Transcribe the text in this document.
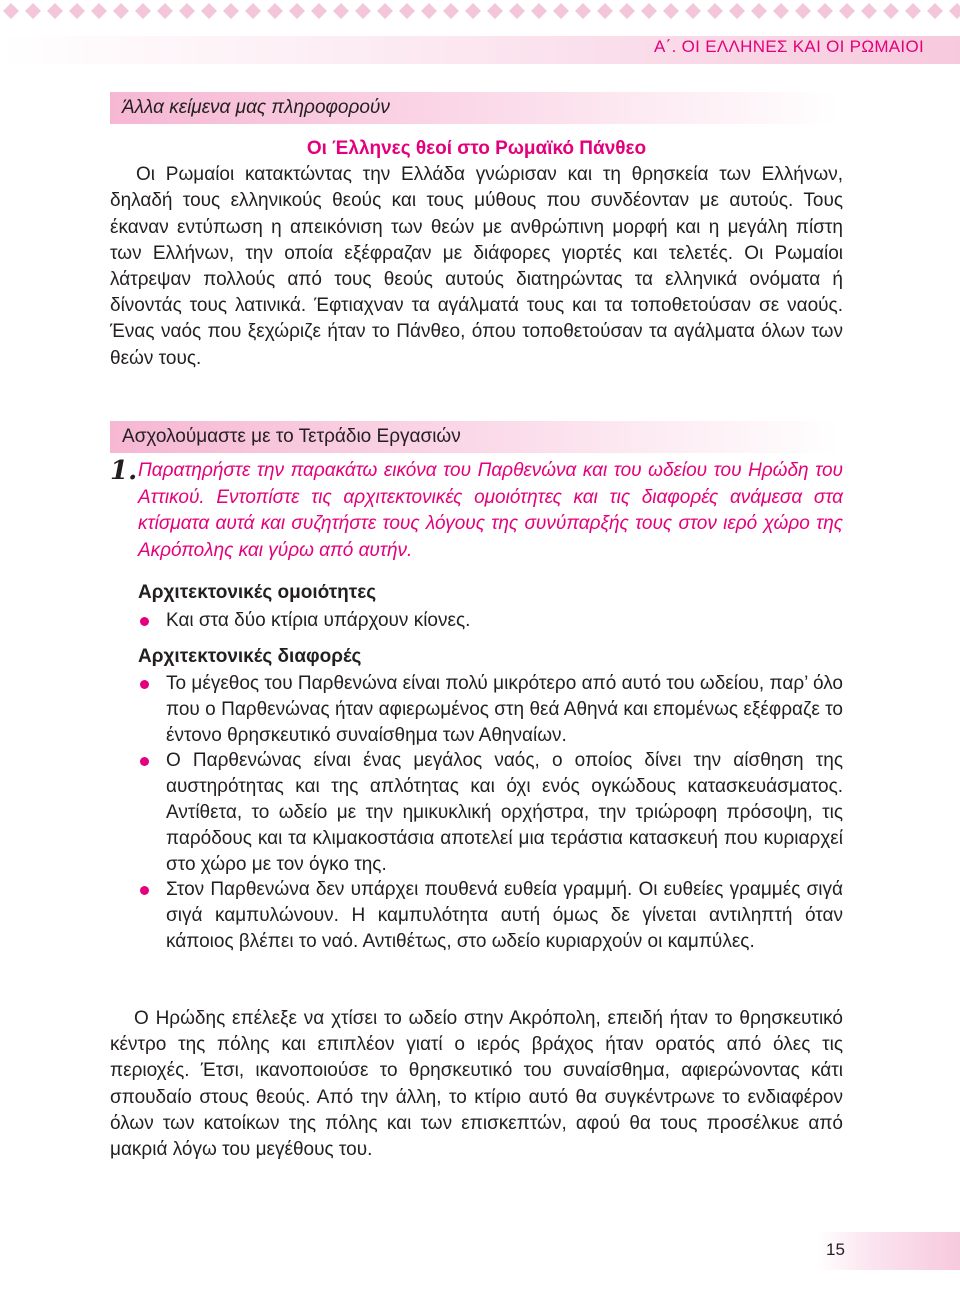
Α΄. ΟΙ ΕΛΛΗΝΕΣ ΚΑΙ ΟΙ ΡΩΜΑΙΟΙ
Άλλα κείμενα μας πληροφορούν

Οι Έλληνες θεοί στο Ρωμαϊκό Πάνθεο

Οι Ρωμαίοι κατακτώντας την Ελλάδα γνώρισαν και τη θρησκεία των Ελλήνων, δηλαδή τους ελληνικούς θεούς και τους μύθους που συνδέονταν με αυτούς. Τους έκαναν εντύπωση η απεικόνιση των θεών με ανθρώπινη μορφή και η μεγάλη πίστη των Ελλήνων, την οποία εξέφραζαν με διάφορες γιορτές και τελετές. Οι Ρωμαίοι λάτρεψαν πολλούς από τους θεούς αυτούς διατηρώντας τα ελληνικά ονόματα ή δίνοντάς τους λατινικά. Έφτιαχναν τα αγάλματά τους και τα τοποθετούσαν σε ναούς. Ένας ναός που ξεχώριζε ήταν το Πάνθεο, όπου τοποθετούσαν τα αγάλματα όλων των θεών τους.

Ασχολούμαστε με το Τετράδιο Εργασιών
1. Παρατηρήστε την παρακάτω εικόνα του Παρθενώνα και του ωδείου του Ηρώδη του Αττικού. Εντοπίστε τις αρχιτεκτονικές ομοιότητες και τις διαφορές ανάμεσα στα κτίσματα αυτά και συζητήστε τους λόγους της συνύπαρξής τους στον ιερό χώρο της Ακρόπολης και γύρω από αυτήν.

Αρχιτεκτονικές ομοιότητες
Και στα δύο κτίρια υπάρχουν κίονες.
Αρχιτεκτονικές διαφορές
Το μέγεθος του Παρθενώνα είναι πολύ μικρότερο από αυτό του ωδείου, παρ’ όλο που ο Παρθενώνας ήταν αφιερωμένος στη θεά Αθηνά και επομένως εξέφραζε το έντονο θρησκευτικό συναίσθημα των Αθηναίων.
Ο Παρθενώνας είναι ένας μεγάλος ναός, ο οποίος δίνει την αίσθηση της αυστηρότητας και της απλότητας και όχι ενός ογκώδους κατασκευάσματος. Αντίθετα, το ωδείο με την ημικυκλική ορχήστρα, την τριώροφη πρόσοψη, τις παρόδους και τα κλιμακοστάσια αποτελεί μια τεράστια κατασκευή που κυριαρχεί στο χώρο με τον όγκο της.
Στον Παρθενώνα δεν υπάρχει πουθενά ευθεία γραμμή. Οι ευθείες γραμμές σιγά σιγά καμπυλώνουν. Η καμπυλότητα αυτή όμως δε γίνεται αντιληπτή όταν κάποιος βλέπει το ναό. Αντιθέτως, στο ωδείο κυριαρχούν οι καμπύλες.

Ο Ηρώδης επέλεξε να χτίσει το ωδείο στην Ακρόπολη, επειδή ήταν το θρησκευτικό κέντρο της πόλης και επιπλέον γιατί ο ιερός βράχος ήταν ορατός από όλες τις περιοχές. Έτσι, ικανοποιούσε το θρησκευτικό του συναίσθημα, αφιερώνοντας κάτι σπουδαίο στους θεούς. Από την άλλη, το κτίριο αυτό θα συγκέντρωνε το ενδιαφέρον όλων των κατοίκων της πόλης και των επισκεπτών, αφού θα τους προσέλκυε από μακριά λόγω του μεγέθους του.

15
